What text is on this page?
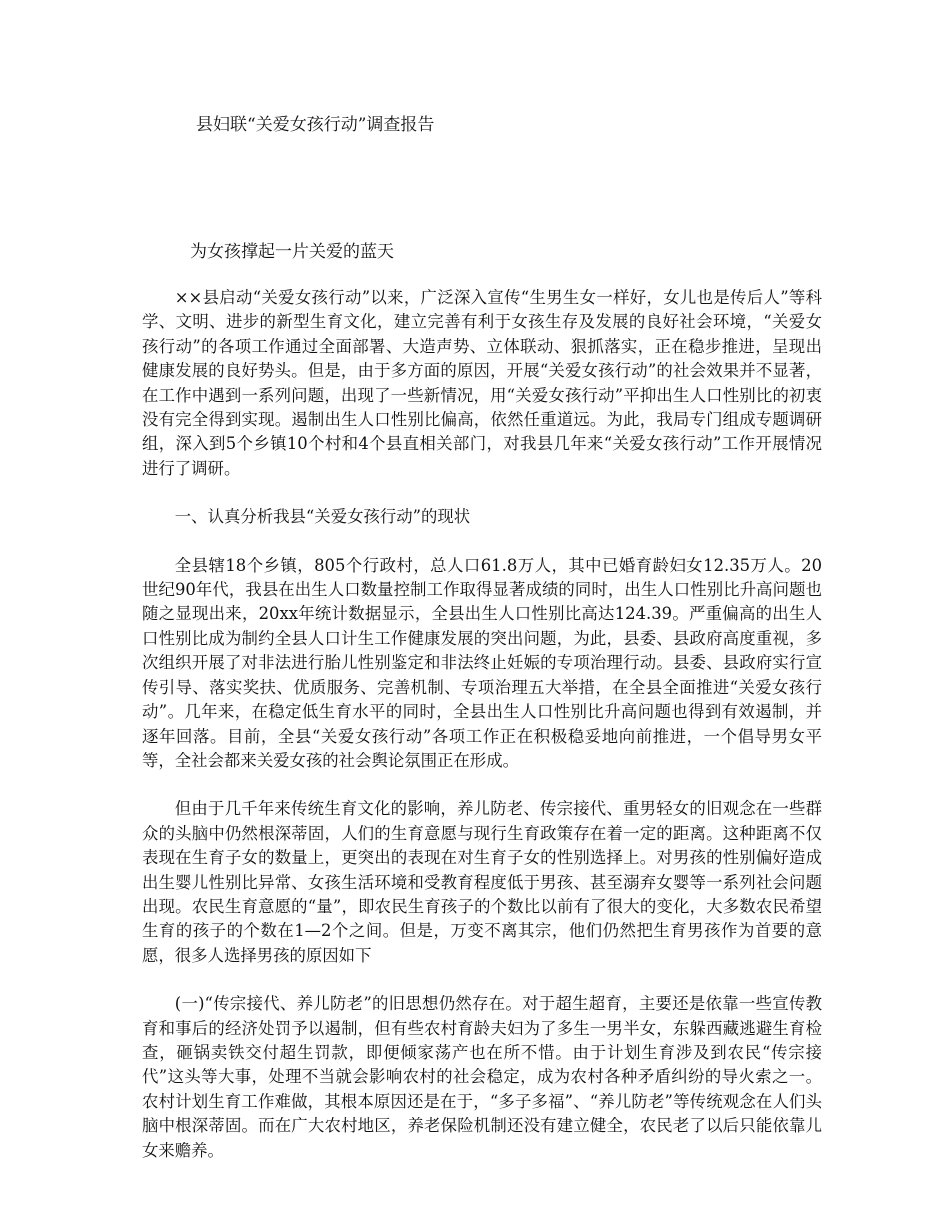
县妇联“关爱女孩行动”调查报告
为女孩撑起一片关爱的蓝天

××县启动“关爱女孩行动”以来，广泛深入宣传“生男生女一样好，女儿也是传后人”等科学、文明、进步的新型生育文化，建立完善有利于女孩生存及发展的良好社会环境，“关爱女孩行动”的各项工作通过全面部署、大造声势、立体联动、狠抓落实，正在稳步推进，呈现出健康发展的良好势头。但是，由于多方面的原因，开展“关爱女孩行动”的社会效果并不显著，在工作中遇到一系列问题，出现了一些新情况，用“关爱女孩行动”平抑出生人口性别比的初衷没有完全得到实现。遏制出生人口性别比偏高，依然任重道远。为此，我局专门组成专题调研组，深入到5个乡镇10个村和4个县直相关部门，对我县几年来“关爱女孩行动”工作开展情况进行了调研。

一、认真分析我县“关爱女孩行动”的现状

全县辖18个乡镇，805个行政村，总人口61.8万人，其中已婚育龄妇女12.35万人。20世纪90年代，我县在出生人口数量控制工作取得显著成绩的同时，出生人口性别比升高问题也随之显现出来，20xx年统计数据显示，全县出生人口性别比高达124.39。严重偏高的出生人口性别比成为制约全县人口计生工作健康发展的突出问题，为此，县委、县政府高度重视，多次组织开展了对非法进行胎儿性别鉴定和非法终止妊娠的专项治理行动。县委、县政府实行宣传引导、落实奖扶、优质服务、完善机制、专项治理五大举措，在全县全面推进“关爱女孩行动”。几年来，在稳定低生育水平的同时，全县出生人口性别比升高问题也得到有效遏制，并逐年回落。目前，全县“关爱女孩行动”各项工作正在积极稳妥地向前推进，一个倡导男女平等，全社会都来关爱女孩的社会舆论氛围正在形成。

但由于几千年来传统生育文化的影响，养儿防老、传宗接代、重男轻女的旧观念在一些群众的头脑中仍然根深蒂固，人们的生育意愿与现行生育政策存在着一定的距离。这种距离不仅表现在生育子女的数量上，更突出的表现在对生育子女的性别选择上。对男孩的性别偏好造成出生婴儿性别比异常、女孩生活环境和受教育程度低于男孩、甚至溺弃女婴等一系列社会问题出现。农民生育意愿的“量”，即农民生育孩子的个数比以前有了很大的变化，大多数农民希望生育的孩子的个数在1—2个之间。但是，万变不离其宗，他们仍然把生育男孩作为首要的意愿，很多人选择男孩的原因如下

(一)“传宗接代、养儿防老”的旧思想仍然存在。对于超生超育，主要还是依靠一些宣传教育和事后的经济处罚予以遏制，但有些农村育龄夫妇为了多生一男半女，东躲西藏逃避生育检查，砸锅卖铁交付超生罚款，即便倾家荡产也在所不惜。由于计划生育涉及到农民“传宗接代”这头等大事，处理不当就会影响农村的社会稳定，成为农村各种矛盾纠纷的导火索之一。农村计划生育工作难做，其根本原因还是在于，“多子多福”、“养儿防老”等传统观念在人们头脑中根深蒂固。而在广大农村地区，养老保险机制还没有建立健全，农民老了以后只能依靠儿女来赡养。
